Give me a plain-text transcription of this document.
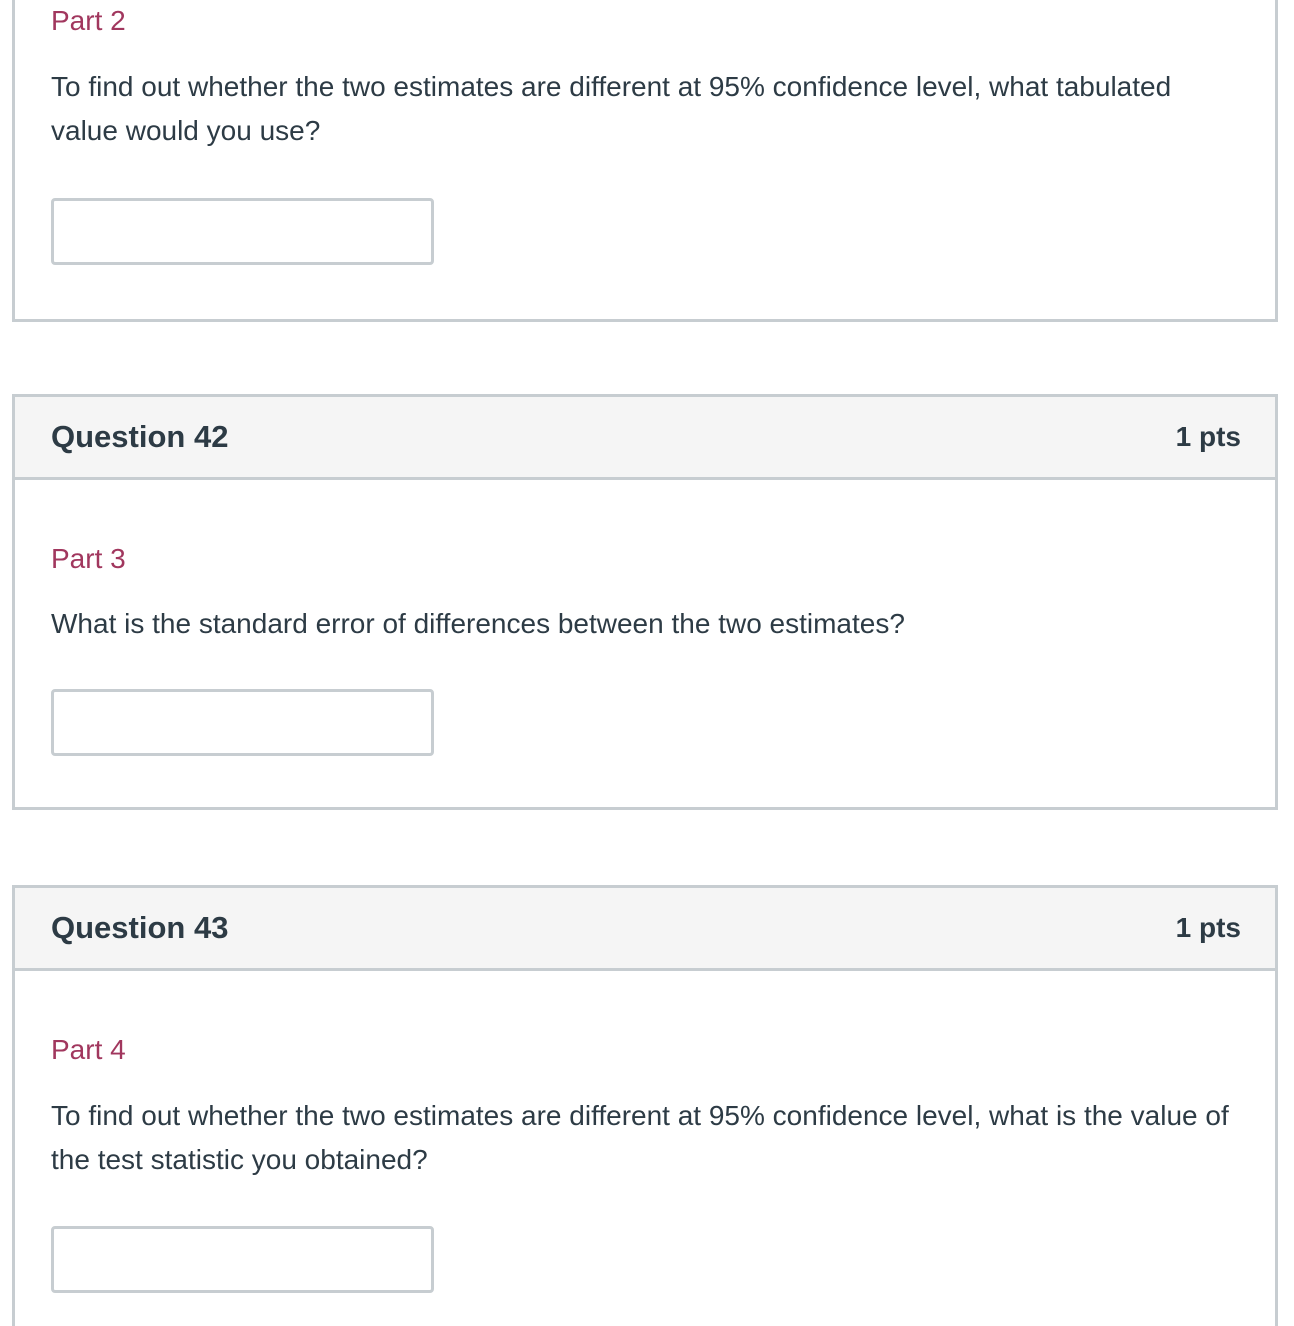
Part 2

To find out whether the two estimates are different at 95% confidence level, what tabulated value would you use?

Question 42	1 pts

Part 3

What is the standard error of differences between the two estimates?

Question 43	1 pts

Part 4

To find out whether the two estimates are different at 95% confidence level, what is the value of the test statistic you obtained?
